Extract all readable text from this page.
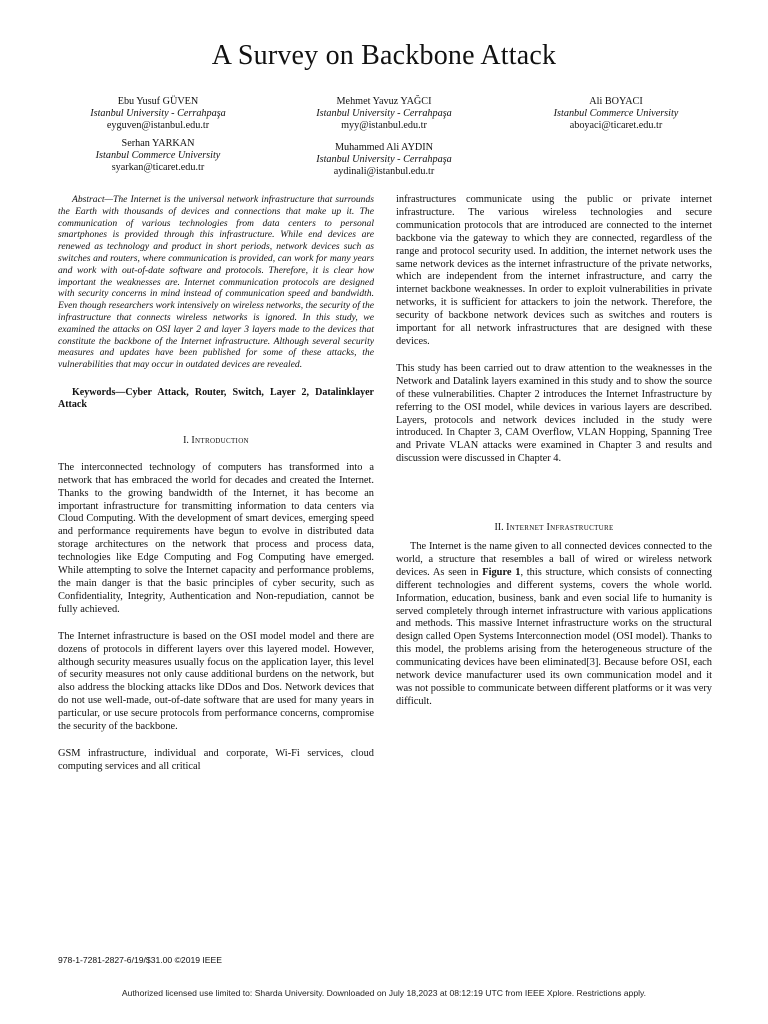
A Survey on Backbone Attack
Ebu Yusuf GÜVEN
Istanbul University - Cerrahpaşa
eyguven@istanbul.edu.tr
Mehmet Yavuz YAĞCI
Istanbul University - Cerrahpaşa
myy@istanbul.edu.tr
Ali BOYACI
Istanbul Commerce University
aboyaci@ticaret.edu.tr
Serhan YARKAN
Istanbul Commerce University
syarkan@ticaret.edu.tr
Muhammed Ali AYDIN
Istanbul University - Cerrahpaşa
aydinali@istanbul.edu.tr

Abstract—The Internet is the universal network infrastructure that surrounds the Earth with thousands of devices and connections that make up it. The communication of various technologies from data centers to personal smartphones is provided through this infrastructure. While end devices are renewed as technology and product in short periods, network devices such as switches and routers, where communication is provided, can work for many years and work with out-of-date software and protocols. Therefore, it is clear how important the weaknesses are. Internet communication protocols are designed with security concerns in mind instead of communication speed and bandwidth. Even though researchers work intensively on wireless networks, the security of the infrastructure that connects wireless networks is ignored. In this study, we examined the attacks on OSI layer 2 and layer 3 layers made to the devices that constitute the backbone of the Internet infrastructure. Although several security measures and updates have been published for some of these attacks, the vulnerabilities that may occur in outdated devices are revealed.

Keywords—Cyber Attack, Router, Switch, Layer 2, Datalinklayer Attack

I. Introduction

The interconnected technology of computers has transformed into a network that has embraced the world for decades and created the Internet. Thanks to the growing bandwidth of the Internet, it has become an important infrastructure for transmitting information to data centers via Cloud Computing. With the development of smart devices, emerging speed and performance requirements have begun to evolve in distributed data storage architectures on the network that process and process data, technologies like Edge Computing and Fog Computing have emerged. While attempting to solve the Internet capacity and performance problems, the main danger is that the basic principles of cyber security, such as Confidentiality, Integrity, Authentication and Non-repudiation, cannot be fully achieved.

The Internet infrastructure is based on the OSI model model and there are dozens of protocols in different layers over this layered model. However, although security measures usually focus on the application layer, this level of security measures not only cause additional burdens on the network, but also address the blocking attacks like DDos and Dos. Network devices that do not use well-made, out-of-date software that are used for many years in particular, or use secure protocols from performance concerns, compromise the security of the backbone.

GSM infrastructure, individual and corporate, Wi-Fi services, cloud computing services and all critical

infrastructures communicate using the public or private internet infrastructure. The various wireless technologies and secure communication protocols that are introduced are connected to the internet backbone via the gateway to which they are connected, regardless of the range and protocol security used. In addition, the internet network uses the same network devices as the internet infrastructure of the private networks, which are independent from the internet infrastructure, and carry the internet backbone weaknesses. In order to exploit vulnerabilities in private networks, it is sufficient for attackers to join the network. Therefore, the security of backbone network devices such as switches and routers is important for all network infrastructures that are designed with these devices.

This study has been carried out to draw attention to the weaknesses in the Network and Datalink layers examined in this study and to show the source of these vulnerabilities. Chapter 2 introduces the Internet Infrastructure by referring to the OSI model, while devices in various layers are described. Layers, protocols and network devices included in the study were introduced. In Chapter 3, CAM Overflow, VLAN Hopping, Spanning Tree and Private VLAN attacks were examined in Chapter 3 and results and discussion were discussed in Chapter 4.

II. Internet Infrastructure

The Internet is the name given to all connected devices connected to the world, a structure that resembles a ball of wired or wireless network devices. As seen in Figure 1, this structure, which consists of connecting different technologies and different systems, covers the whole world. Information, education, business, bank and even social life to humanity is served completely through internet infrastructure with various applications and methods. This massive Internet infrastructure works on the structural design called Open Systems Interconnection model (OSI model). Thanks to this model, the problems arising from the heterogeneous structure of the communicating devices have been eliminated[3]. Because before OSI, each network device manufacturer used its own communication model and it was not possible to communicate between different platforms or it was very difficult.

978-1-7281-2827-6/19/$31.00 ©2019 IEEE
Authorized licensed use limited to: Sharda University. Downloaded on July 18,2023 at 08:12:19 UTC from IEEE Xplore. Restrictions apply.
